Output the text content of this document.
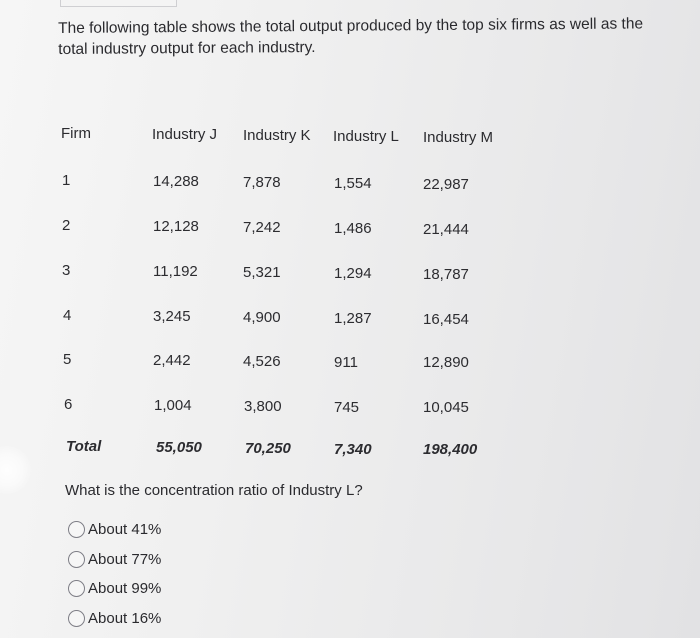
The following table shows the total output produced by the top six firms as well as the total industry output for each industry.
Firm	Industry J Industry K Industry L Industry M
1	14,288	7,878	1,554	22,987
2	12,128	7,242	1,486	21,444
3	11,192	5,321	1,294	18,787
4	3,245	4,900	1,287	16,454
5	2,442	4,526	911	12,890
6	1,004	3,800	745	10,045
Total	55,050	70,250	7,340	198,400
What is the concentration ratio of Industry L?
About 41%
About 77%
About 99%
About 16%
